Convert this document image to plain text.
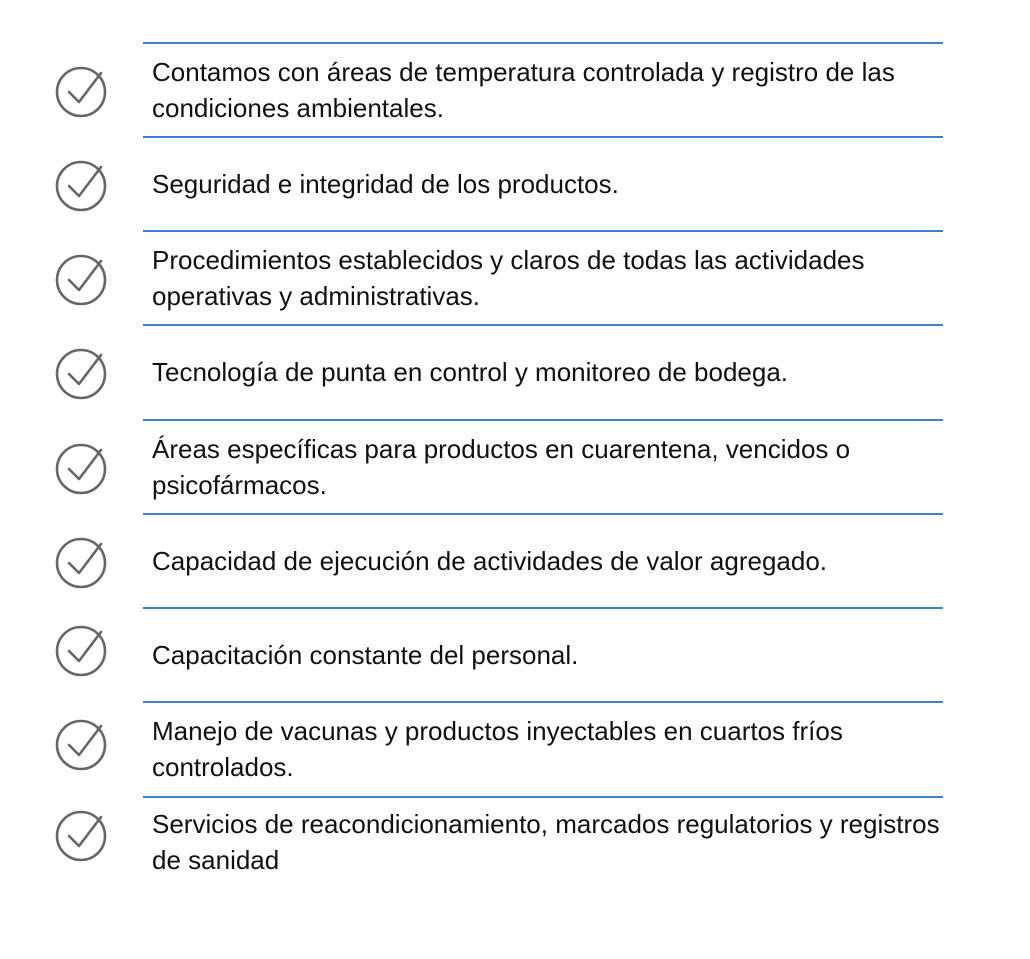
Contamos con áreas de temperatura controlada y registro de las condiciones ambientales.
Seguridad e integridad de los productos.
Procedimientos establecidos y claros de todas las actividades operativas y administrativas.
Tecnología de punta en control y monitoreo de bodega.
Áreas específicas para productos en cuarentena, vencidos o psicofármacos.
Capacidad de ejecución de actividades de valor agregado.
Capacitación constante del personal.
Manejo de vacunas y productos inyectables en cuartos fríos controlados.
Servicios de reacondicionamiento, marcados regulatorios y registros de sanidad
